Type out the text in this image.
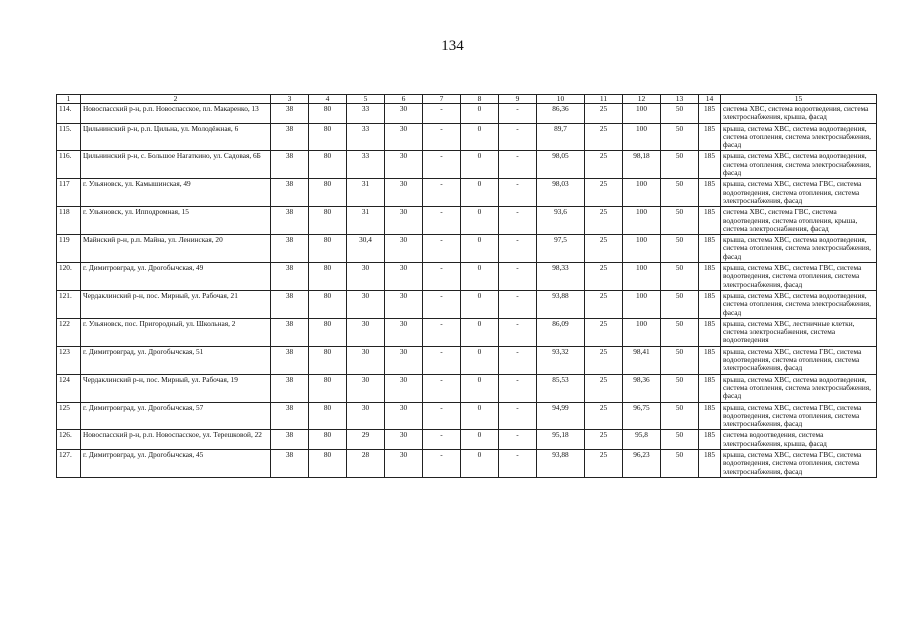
134
1	2	3	4	5	6	7	8	9	10	11	12	13	14	15
114.	Новоспасский р-н, р.п. Новоспасское, пл. Макаренко, 13	38	80	33	30	-	0	-	86,36	25	100	50	185	система ХВС, система водоотведения, система электроснабжения, крыша, фасад
115.	Цильнинский р-н, р.п. Цильна, ул. Молодёжная, 6	38	80	33	30	-	0	-	89,7	25	100	50	185	крыша, система ХВС, система водоотведения, система отопления, система электроснабжения, фасад
116.	Цильнинский р-н, с. Большое Нагаткино, ул. Садовая, 6Б	38	80	33	30	-	0	-	98,05	25	98,18	50	185	крыша, система ХВС, система водоотведения, система отопления, система электроснабжения, фасад
117	г. Ульяновск, ул. Камышинская, 49	38	80	31	30	-	0	-	98,03	25	100	50	185	крыша, система ХВС, система ГВС, система водоотведения, система отопления, система электроснабжения, фасад
118	г. Ульяновск, ул. Ипподромная, 15	38	80	31	30	-	0	-	93,6	25	100	50	185	система ХВС, система ГВС, система водоотведения, система отопления, крыша, система электроснабжения, фасад
119	Майнский р-н, р.п. Майна, ул. Ленинская, 20	38	80	30,4	30	-	0	-	97,5	25	100	50	185	крыша, система ХВС, система водоотведения, система отопления, система электроснабжения, фасад
120.	г. Димитровград, ул. Дрогобычская, 49	38	80	30	30	-	0	-	98,33	25	100	50	185	крыша, система ХВС, система ГВС, система водоотведения, система отопления, система электроснабжения, фасад
121.	Чердаклинский р-н, пос. Мирный, ул. Рабочая, 21	38	80	30	30	-	0	-	93,88	25	100	50	185	крыша, система ХВС, система водоотведения, система отопления, система электроснабжения, фасад
122	г. Ульяновск, пос. Пригородный, ул. Школьная, 2	38	80	30	30	-	0	-	86,09	25	100	50	185	крыша, система ХВС, лестничные клетки, система электроснабжения, система водоотведения
123	г. Димитровград, ул. Дрогобычская, 51	38	80	30	30	-	0	-	93,32	25	98,41	50	185	крыша, система ХВС, система ГВС, система водоотведения, система отопления, система электроснабжения, фасад
124	Чердаклинский р-н, пос. Мирный, ул. Рабочая, 19	38	80	30	30	-	0	-	85,53	25	98,36	50	185	крыша, система ХВС, система водоотведения, система отопления, система электроснабжения, фасад
125	г. Димитровград, ул. Дрогобычская, 57	38	80	30	30	-	0	-	94,99	25	96,75	50	185	крыша, система ХВС, система ГВС, система водоотведения, система отопления, система электроснабжения, фасад
126.	Новоспасский р-н, р.п. Новоспасское, ул. Терешковой, 22	38	80	29	30	-	0	-	95,18	25	95,8	50	185	система водоотведения, система электроснабжения, крыша, фасад
127.	г. Димитровград, ул. Дрогобычская, 45	38	80	28	30	-	0	-	93,88	25	96,23	50	185	крыша, система ХВС, система ГВС, система водоотведения, система отопления, система электроснабжения, фасад
